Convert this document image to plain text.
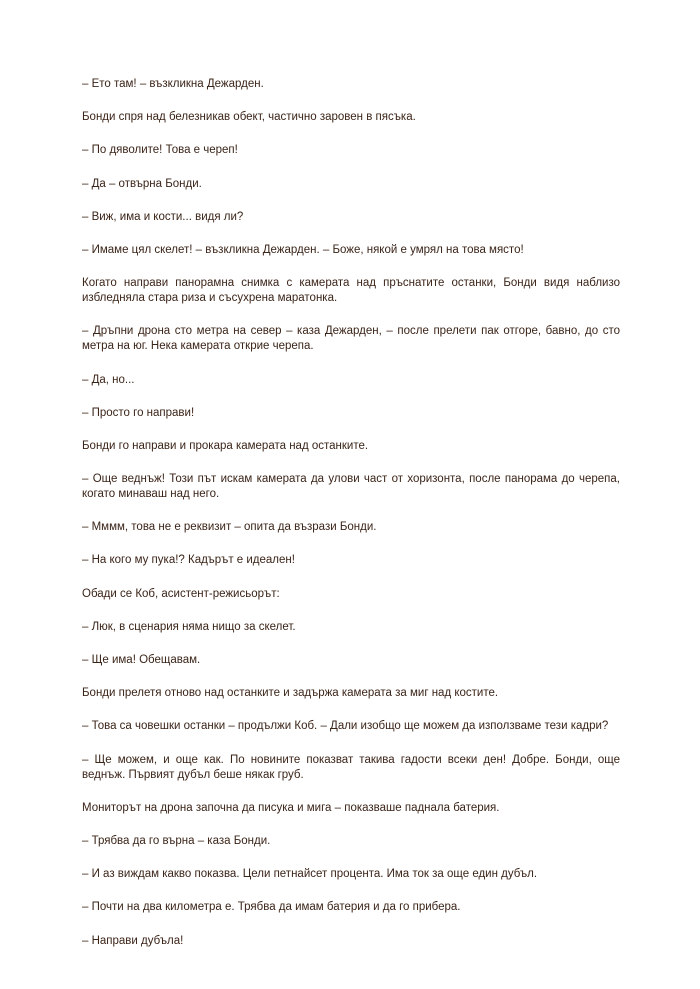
– Ето там! – възкликна Дежарден.

Бонди спря над белезникав обект, частично заровен в пясъка.

– По дяволите! Това е череп!

– Да – отвърна Бонди.

– Виж, има и кости... видя ли?

– Имаме цял скелет! – възкликна Дежарден. – Боже, някой е умрял на това място!

Когато направи панорамна снимка с камерата над пръснатите останки, Бонди видя наблизо избледняла стара риза и съсухрена маратонка.

– Дръпни дрона сто метра на север – каза Дежарден, – после прелети пак отгоре, бавно, до сто метра на юг. Нека камерата открие черепа.

– Да, но...

– Просто го направи!

Бонди го направи и прокара камерата над останките.

– Още веднъж! Този път искам камерата да улови част от хоризонта, после панорама до черепа, когато минаваш над него.

– Мммм, това не е реквизит – опита да възрази Бонди.

– На кого му пука!? Кадърът е идеален!

Обади се Коб, асистент-режисьорът:

– Люк, в сценария няма нищо за скелет.

– Ще има! Обещавам.

Бонди прелетя отново над останките и задържа камерата за миг над костите.

– Това са човешки останки – продължи Коб. – Дали изобщо ще можем да използваме тези кадри?

– Ще можем, и още как. По новините показват такива гадости всеки ден! Добре. Бонди, още веднъж. Първият дубъл беше някак груб.

Мониторът на дрона започна да писука и мига – показваше паднала батерия.

– Трябва да го върна – каза Бонди.

– И аз виждам какво показва. Цели петнайсет процента. Има ток за още един дубъл.

– Почти на два километра е. Трябва да имам батерия и да го прибера.

– Направи дубъла!
